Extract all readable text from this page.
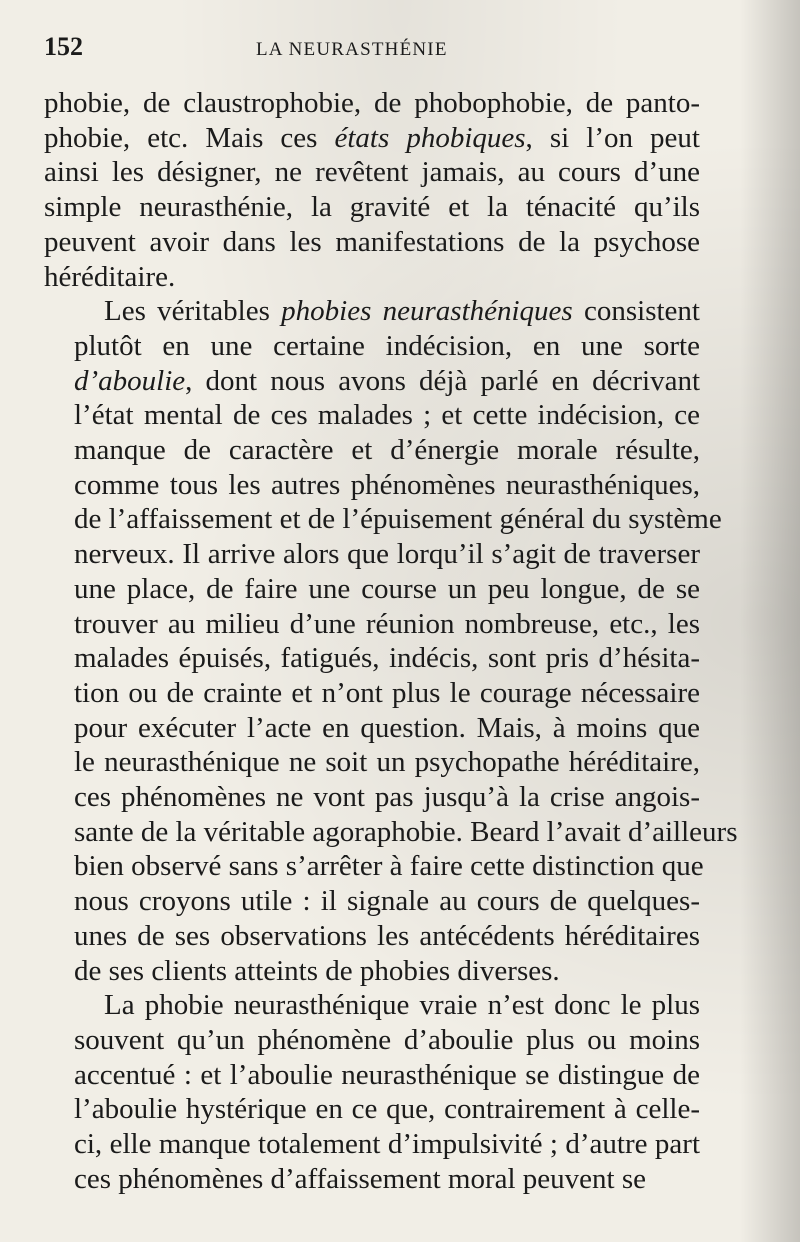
152	LA NEURASTHÉNIE

phobie, de claustrophobie, de phobophobie, de panto-
phobie, etc. Mais ces états phobiques, si l’on peut
ainsi les désigner, ne revêtent jamais, au cours d’une
simple neurasthénie, la gravité et la ténacité qu’ils
peuvent avoir dans les manifestations de la psychose
héréditaire.

Les véritables phobies neurasthéniques consistent
plutôt en une certaine indécision, en une sorte
d’aboulie, dont nous avons déjà parlé en décrivant
l’état mental de ces malades ; et cette indécision, ce
manque de caractère et d’énergie morale résulte,
comme tous les autres phénomènes neurasthéniques,
de l’affaissement et de l’épuisement général du système
nerveux. Il arrive alors que lorqu’il s’agit de traverser
une place, de faire une course un peu longue, de se
trouver au milieu d’une réunion nombreuse, etc., les
malades épuisés, fatigués, indécis, sont pris d’hésita-
tion ou de crainte et n’ont plus le courage nécessaire
pour exécuter l’acte en question. Mais, à moins que
le neurasthénique ne soit un psychopathe héréditaire,
ces phénomènes ne vont pas jusqu’à la crise angois-
sante de la véritable agoraphobie. Beard l’avait d’ailleurs
bien observé sans s’arrêter à faire cette distinction que
nous croyons utile : il signale au cours de quelques-
unes de ses observations les antécédents héréditaires
de ses clients atteints de phobies diverses.

La phobie neurasthénique vraie n’est donc le plus
souvent qu’un phénomène d’aboulie plus ou moins
accentué : et l’aboulie neurasthénique se distingue de
l’aboulie hystérique en ce que, contrairement à celle-
ci, elle manque totalement d’impulsivité ; d’autre part
ces phénomènes d’affaissement moral peuvent se
